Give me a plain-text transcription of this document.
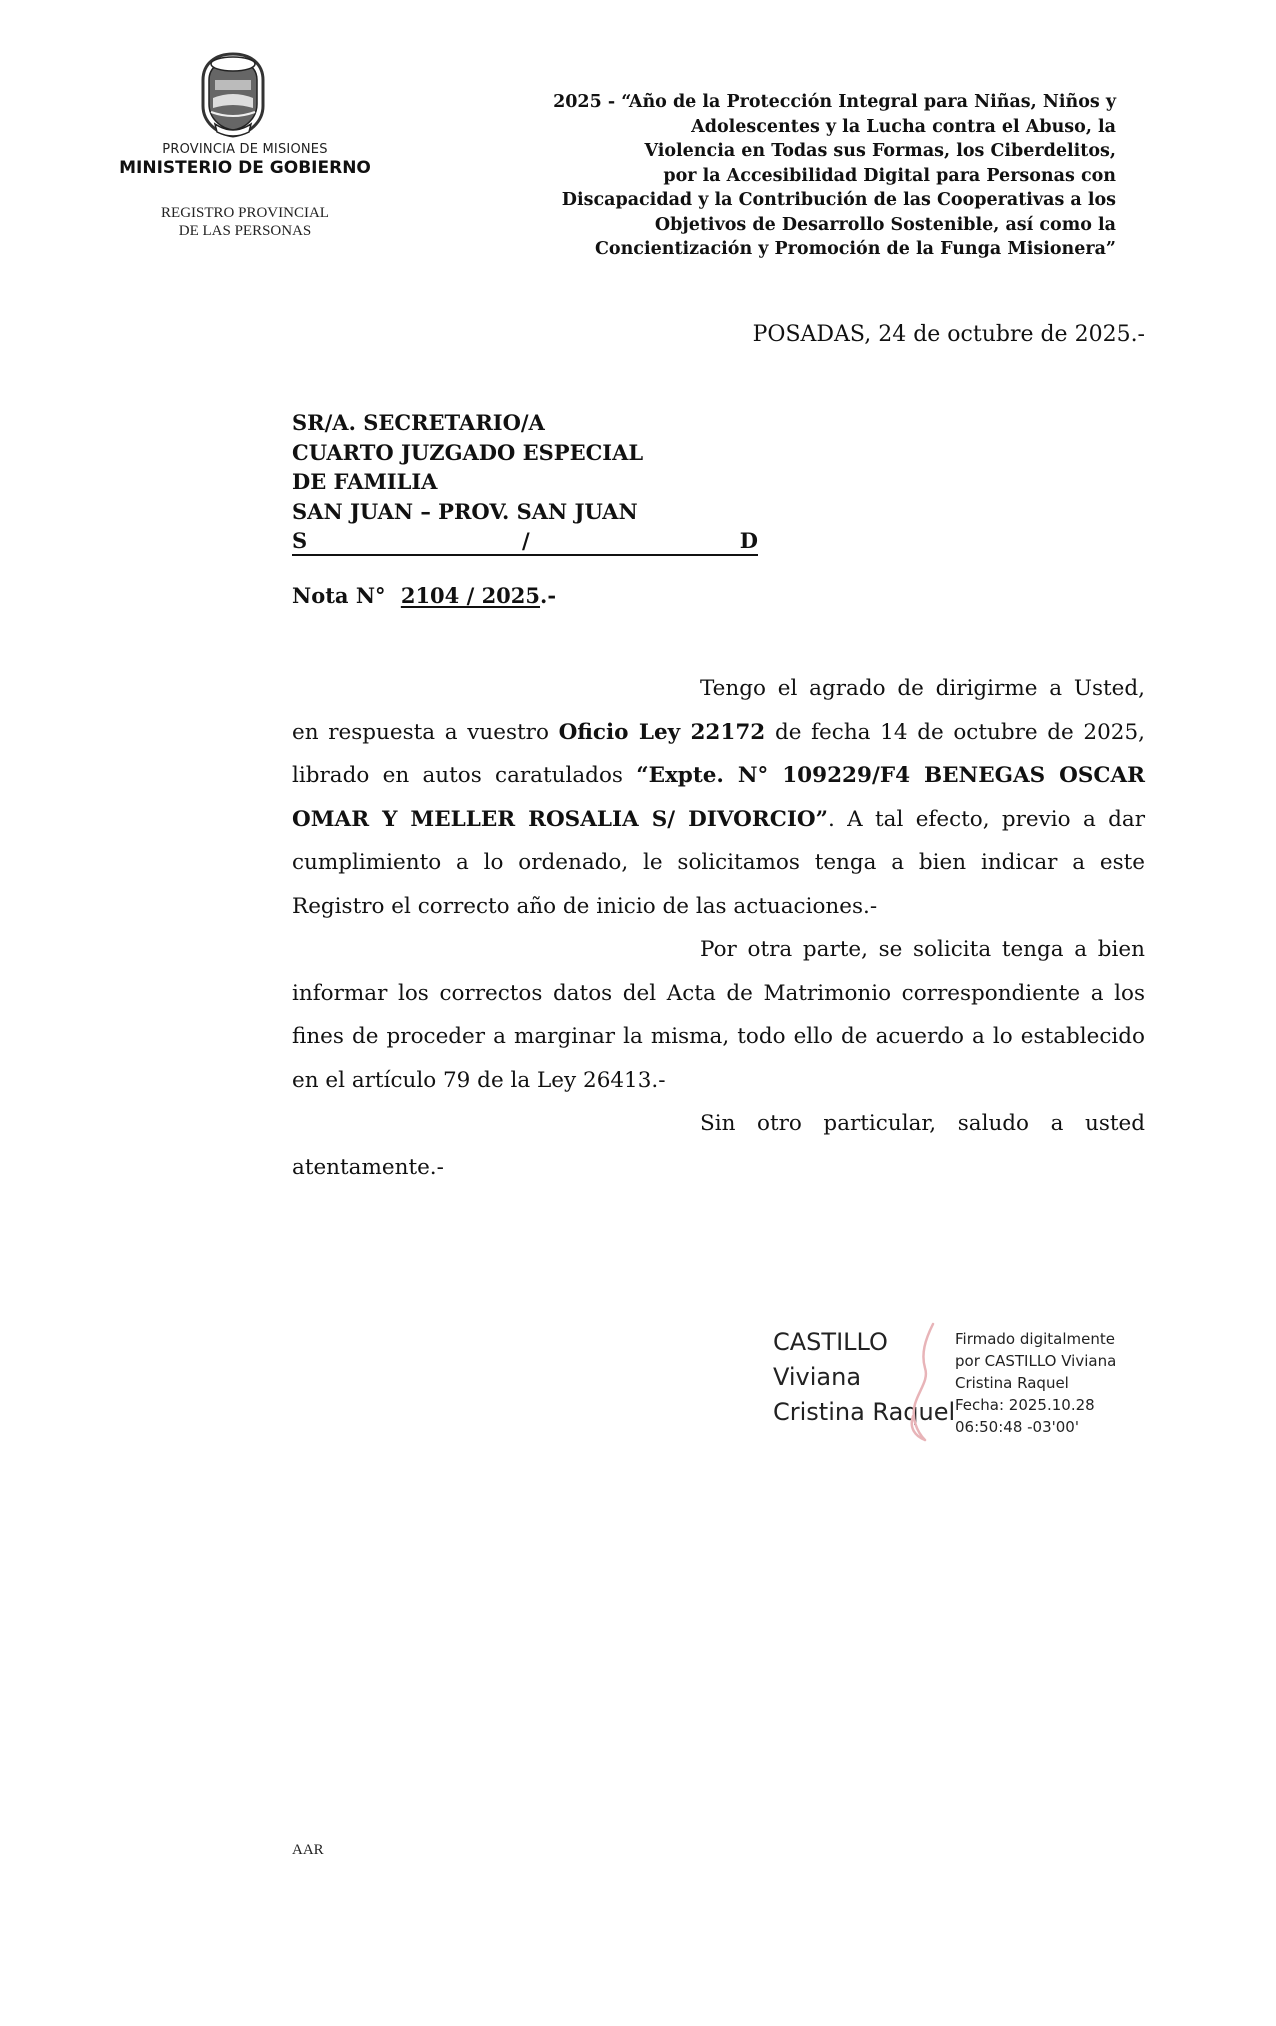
PROVINCIA DE MISIONES
MINISTERIO DE GOBIERNO
REGISTRO PROVINCIAL
DE LAS PERSONAS
2025 - “Año de la Protección Integral para Niñas, Niños y
Adolescentes y la Lucha contra el Abuso, la
Violencia en Todas sus Formas, los Ciberdelitos,
por la Accesibilidad Digital para Personas con
Discapacidad y la Contribución de las Cooperativas a los
Objetivos de Desarrollo Sostenible, así como la
Concientización y Promoción de la Funga Misionera”
POSADAS, 24 de octubre de 2025.-
SR/A. SECRETARIO/A
CUARTO JUZGADO ESPECIAL
DE FAMILIA
SAN JUAN – PROV. SAN JUAN
S	/	D
Nota N° 2104 / 2025.-

Tengo el agrado de dirigirme a Usted, en respuesta a vuestro Oficio Ley 22172 de fecha 14 de octubre de 2025, librado en autos caratulados “Expte. N° 109229/F4 BENEGAS OSCAR OMAR Y MELLER ROSALIA S/ DIVORCIO”. A tal efecto, previo a dar cumplimiento a lo ordenado, le solicitamos tenga a bien indicar a este Registro el correcto año de inicio de las actuaciones.-

Por otra parte, se solicita tenga a bien informar los correctos datos del Acta de Matrimonio correspondiente a los fines de proceder a marginar la misma, todo ello de acuerdo a lo establecido en el artículo 79 de la Ley 26413.-

Sin otro particular, saludo a usted atentamente.-

CASTILLO
Viviana
Cristina Raquel
Firmado digitalmente
por CASTILLO Viviana
Cristina Raquel
Fecha: 2025.10.28
06:50:48 -03'00'
AAR
